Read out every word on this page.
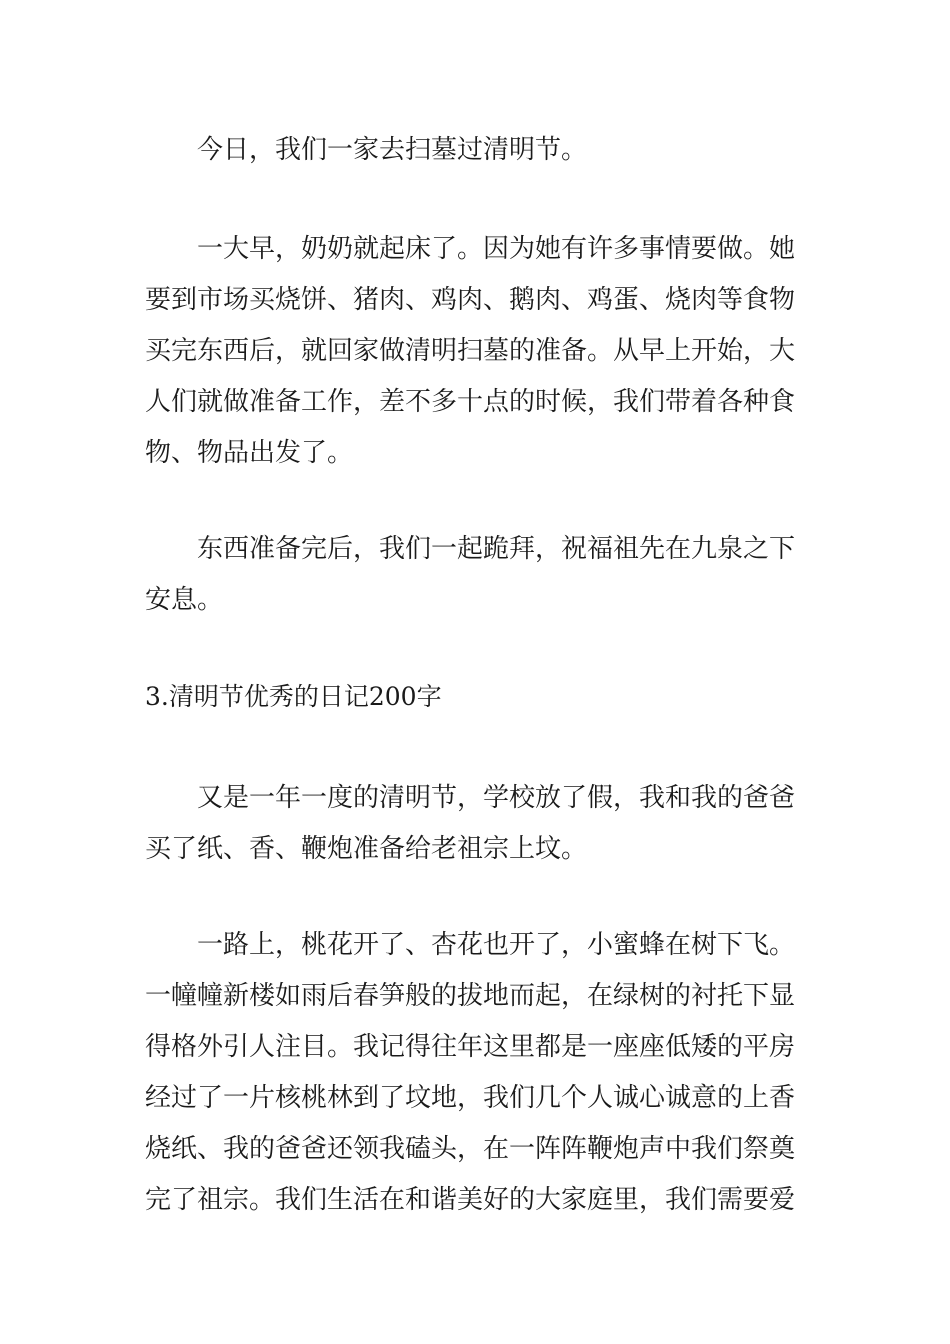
今日，我们一家去扫墓过清明节。
一大早，奶奶就起床了。因为她有许多事情要做。她
要到市场买烧饼、猪肉、鸡肉、鹅肉、鸡蛋、烧肉等食物
买完东西后，就回家做清明扫墓的准备。从早上开始，大
人们就做准备工作，差不多十点的时候，我们带着各种食
物、物品出发了。
东西准备完后，我们一起跪拜，祝福祖先在九泉之下
安息。
3.清明节优秀的日记200字
又是一年一度的清明节，学校放了假，我和我的爸爸
买了纸、香、鞭炮准备给老祖宗上坟。
一路上，桃花开了、杏花也开了，小蜜蜂在树下飞。
一幢幢新楼如雨后春笋般的拔地而起，在绿树的衬托下显
得格外引人注目。我记得往年这里都是一座座低矮的平房
经过了一片核桃林到了坟地，我们几个人诚心诚意的上香
烧纸、我的爸爸还领我磕头，在一阵阵鞭炮声中我们祭奠
完了祖宗。我们生活在和谐美好的大家庭里，我们需要爱
